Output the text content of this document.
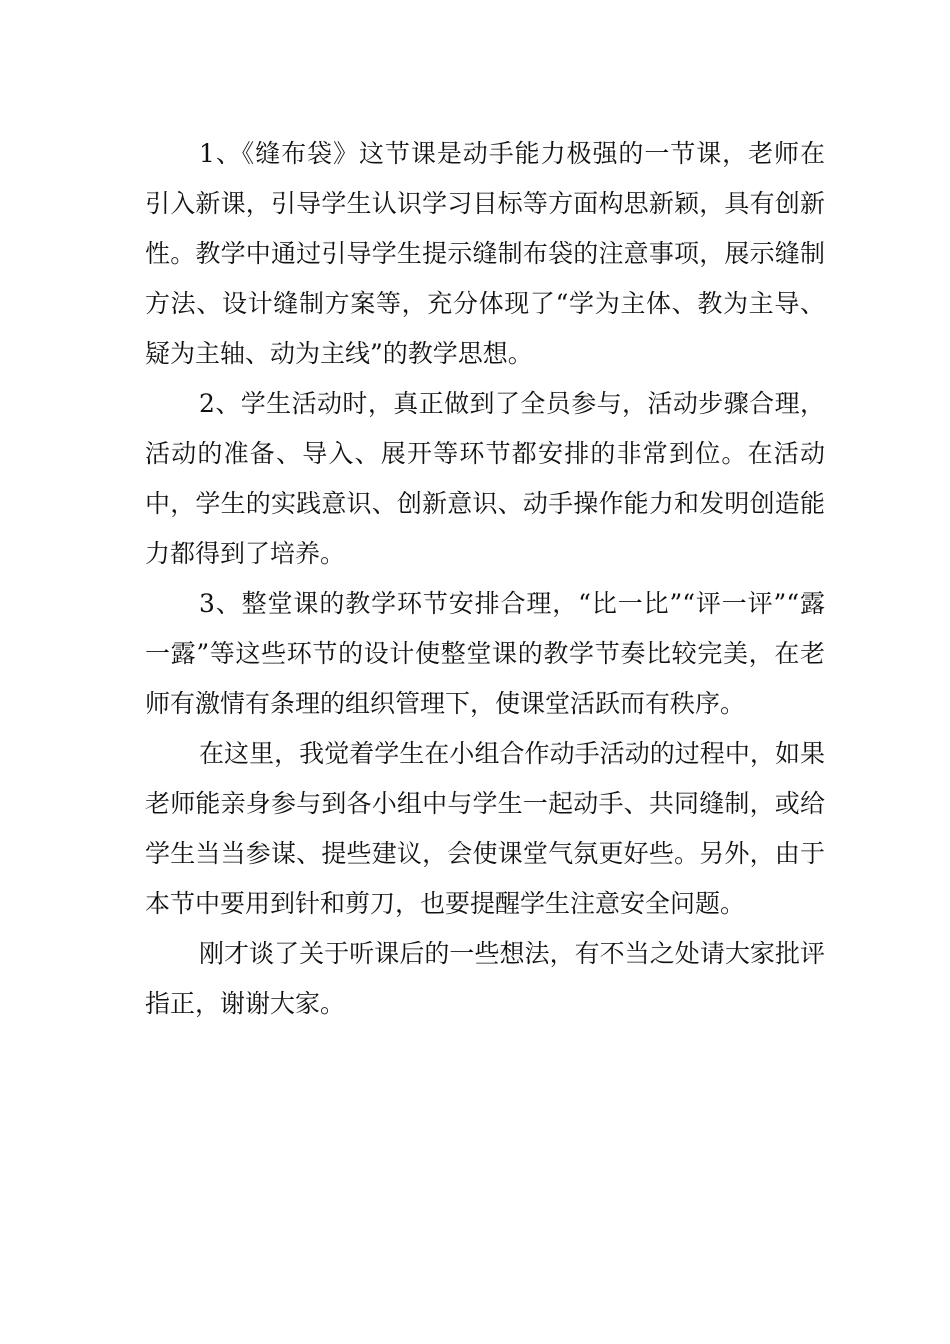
1、《缝布袋》这节课是动手能力极强的一节课，老师在引入新课，引导学生认识学习目标等方面构思新颖，具有创新性。教学中通过引导学生提示缝制布袋的注意事项，展示缝制方法、设计缝制方案等，充分体现了“学为主体、教为主导、疑为主轴、动为主线”的教学思想。

2、学生活动时，真正做到了全员参与，活动步骤合理，活动的准备、导入、展开等环节都安排的非常到位。在活动中，学生的实践意识、创新意识、动手操作能力和发明创造能力都得到了培养。

3、整堂课的教学环节安排合理，“比一比”“评一评”“露一露”等这些环节的设计使整堂课的教学节奏比较完美，在老师有激情有条理的组织管理下，使课堂活跃而有秩序。

在这里，我觉着学生在小组合作动手活动的过程中，如果老师能亲身参与到各小组中与学生一起动手、共同缝制，或给学生当当参谋、提些建议，会使课堂气氛更好些。另外，由于本节中要用到针和剪刀，也要提醒学生注意安全问题。

刚才谈了关于听课后的一些想法，有不当之处请大家批评指正，谢谢大家。
